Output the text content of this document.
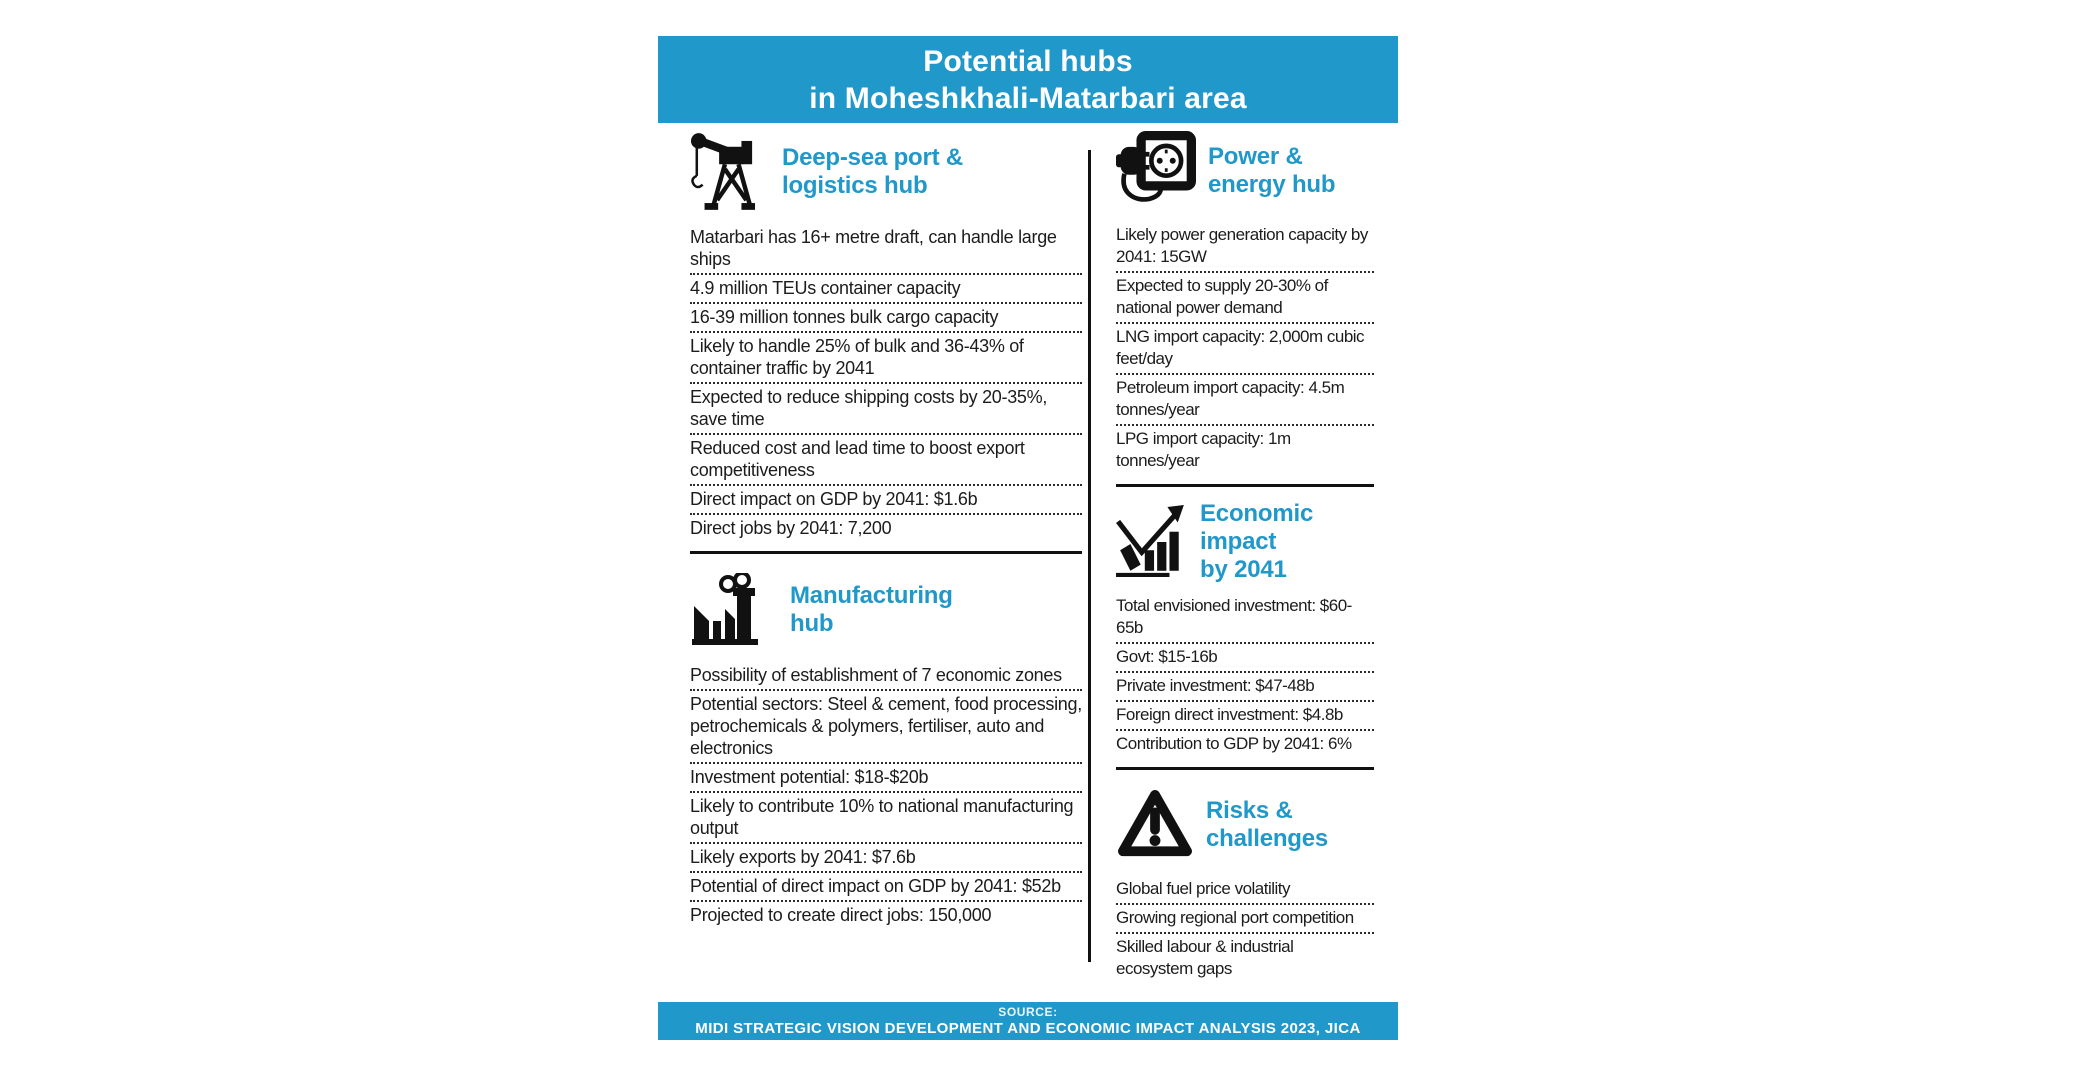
Potential hubs
in Moheshkhali-Matarbari area
Deep-sea port &
logistics hub
Matarbari has 16+ metre draft, can handle large ships
4.9 million TEUs container capacity
16-39 million tonnes bulk cargo capacity
Likely to handle 25% of bulk and 36-43% of container traffic by 2041
Expected to reduce shipping costs by 20-35%, save time
Reduced cost and lead time to boost export competitiveness
Direct impact on GDP by 2041: $1.6b
Direct jobs by 2041: 7,200
Manufacturing
hub
Possibility of establishment of 7 economic zones
Potential sectors: Steel & cement, food processing, petrochemicals & polymers, fertiliser, auto and electronics
Investment potential: $18-$20b
Likely to contribute 10% to national manufacturing output
Likely exports by 2041: $7.6b
Potential of direct impact on GDP by 2041: $52b
Projected to create direct jobs: 150,000
Power &
energy hub
Likely power generation capacity by 2041: 15GW
Expected to supply 20-30% of national power demand
LNG import capacity: 2,000m cubic feet/day
Petroleum import capacity: 4.5m tonnes/year
LPG import capacity: 1m tonnes/year
Economic
impact
by 2041
Total envisioned investment: $60-65b
Govt: $15-16b
Private investment: $47-48b
Foreign direct investment: $4.8b
Contribution to GDP by 2041: 6%
Risks &
challenges
Global fuel price volatility
Growing regional port competition
Skilled labour & industrial ecosystem gaps
SOURCE:
MIDI STRATEGIC VISION DEVELOPMENT AND ECONOMIC IMPACT ANALYSIS 2023, JICA
